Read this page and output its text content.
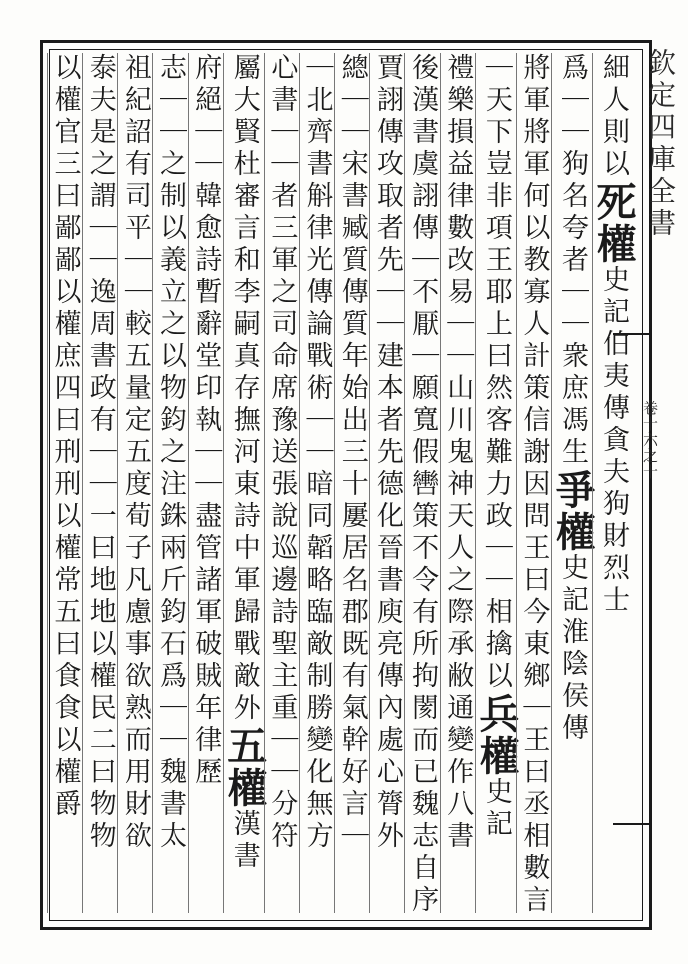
細人則以死權史記伯夷傳貪夫狗財烈士
爲｜｜狗名夸者｜｜衆庶馮生爭權史記淮陰侯傳
將軍將軍何以教寡人計策信謝因問王曰今東鄉｜王曰丞相數言
｜天下豈非項王耶上曰然客難力政｜｜相擒以兵權史記
禮樂損益律數改易｜｜山川鬼神天人之際承敝通變作八書
後漢書虞詡傳｜不厭｜願寬假轡策不令有所拘閡而已魏志自序
賈詡傳攻取者先｜｜建本者先德化晉書庾亮傳內處心膂外
總｜｜宋書臧質傳質年始出三十屢居名郡既有氣幹好言｜
｜北齊書斛律光傳論戰術｜｜暗同韜略臨敵制勝變化無方
心書｜｜者三軍之司命席豫送張說巡邊詩聖主重｜｜分符
屬大賢杜審言和李嗣真存撫河東詩中軍歸戰敵外五權漢書
府絕｜｜韓愈詩暫辭堂印執｜｜盡管諸軍破賊年律歷
志｜｜之制以義立之以物鈞之注銖兩斤鈞石爲｜｜魏書太
祖紀詔有司平｜｜較五量定五度荀子凡慮事欲熟而用財欲
泰夫是之謂｜｜逸周書政有｜｜一曰地地以權民二曰物物
以權官三曰鄙鄙以權庶四曰刑刑以權常五曰食食以權爵	欽定四庫全書
卷十六之十
